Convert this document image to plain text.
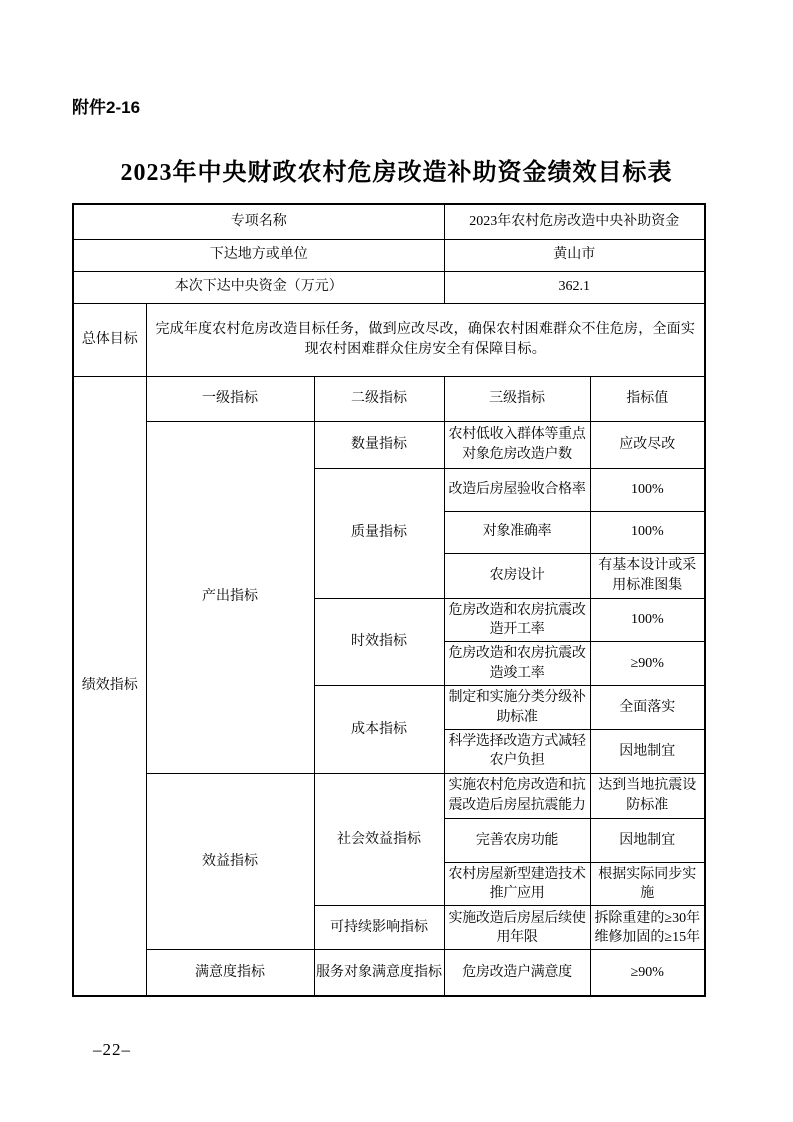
附件2-16
2023年中央财政农村危房改造补助资金绩效目标表
专项名称			2023年农村危房改造中央补助资金	
下达地方或单位			黄山市	
本次下达中央资金（万元）			362.1	
总体目标	完成年度农村危房改造目标任务，做到应改尽改，确保农村困难群众不住危房，全面实现农村困难群众住房安全有保障目标。			
绩效指标	一级指标	二级指标	三级指标	指标值
	产出指标	数量指标	农村低收入群体等重点对象危房改造户数	应改尽改
		质量指标	改造后房屋验收合格率	100%
			对象准确率	100%
			农房设计	有基本设计或采用标准图集
		时效指标	危房改造和农房抗震改造开工率	100%
			危房改造和农房抗震改造竣工率	≥90%
		成本指标	制定和实施分类分级补助标准	全面落实
			科学选择改造方式减轻农户负担	因地制宜
	效益指标	社会效益指标	实施农村危房改造和抗震改造后房屋抗震能力	达到当地抗震设防标准
			完善农房功能	因地制宜
			农村房屋新型建造技术推广应用	根据实际同步实施
		可持续影响指标	实施改造后房屋后续使用年限	拆除重建的≥30年
维修加固的≥15年

	满意度指标	服务对象满意度指标	危房改造户满意度	≥90%
–22–
